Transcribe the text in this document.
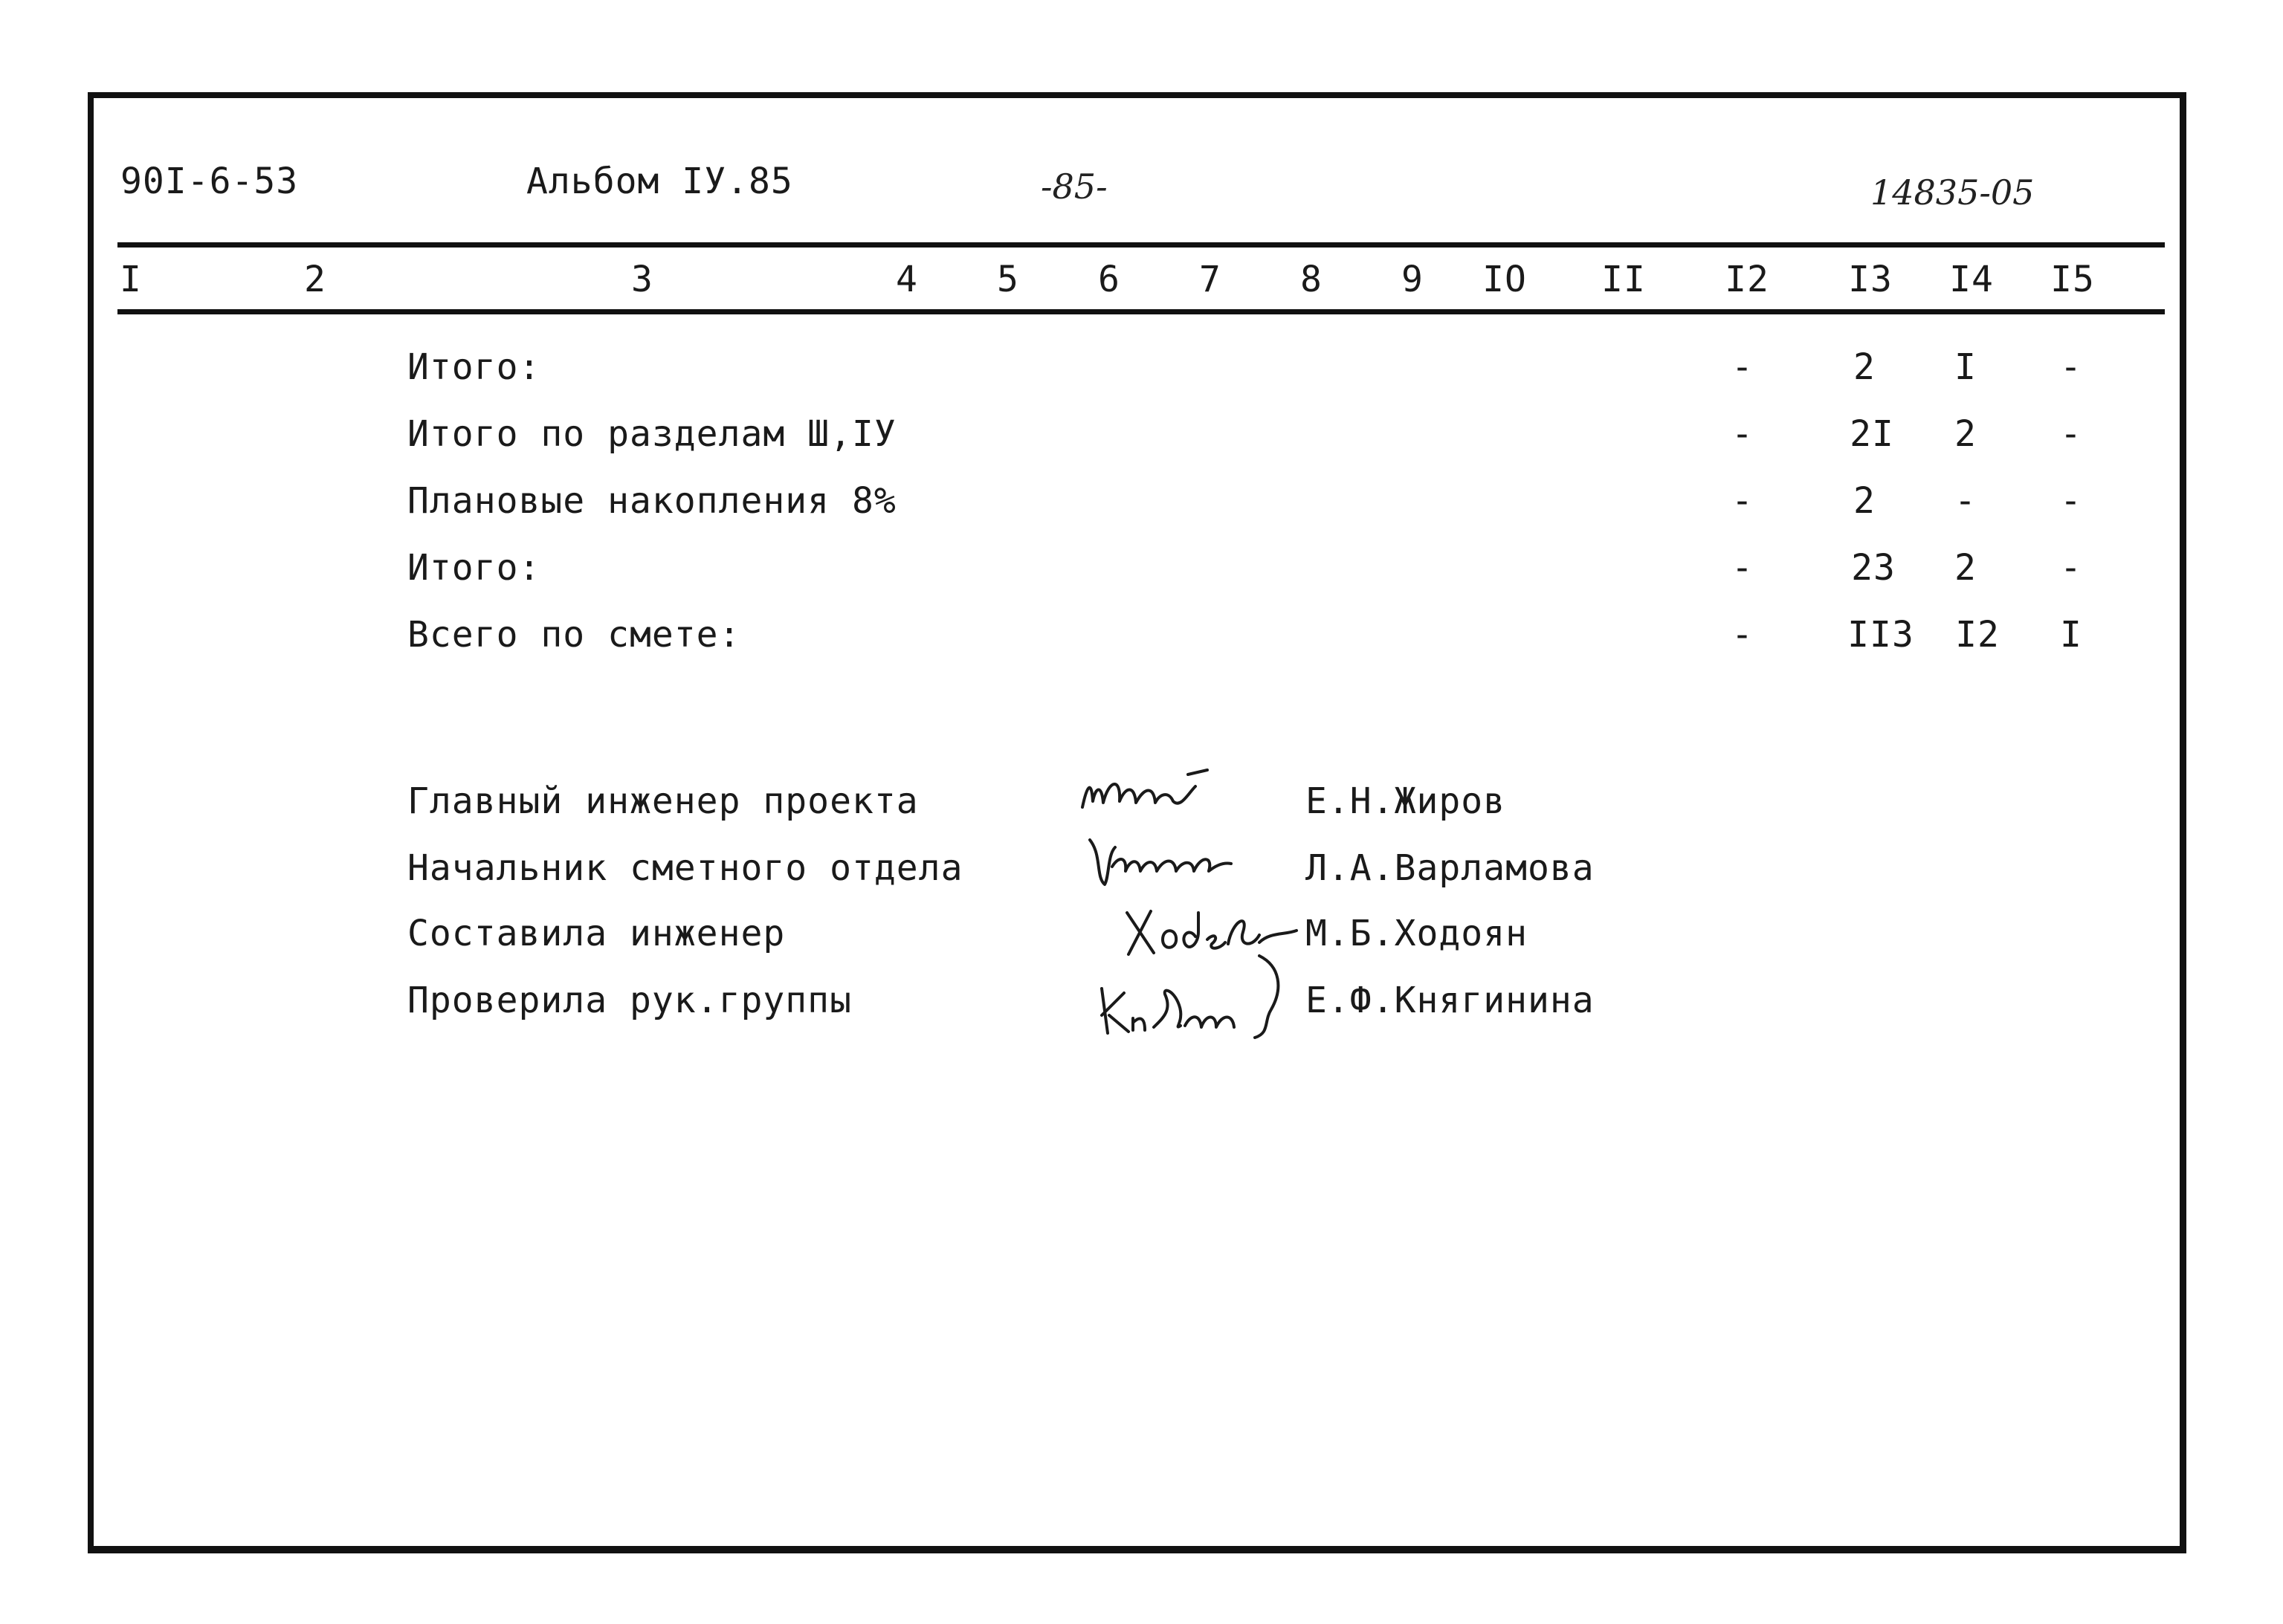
90I-6-53	Альбом IУ.85	-85-	14835-05
I	2	3	4 5 6 7 8 9 IO II I2 I3 I4 I5
Итого:	-	2 I -
Итого по разделам Ш,IУ	-	2I 2 -
Плановые накопления 8%	-	2 - -
Итого:	-	23 2 -
Всего по смете:	-	II3 I2 I
Главный инженер проекта	Е.Н.Жиров
Начальник сметного отдела	Л.А.Варламова
Составила инженер	М.Б.Ходоян
Проверила рук.группы	Е.Ф.Княгинина
